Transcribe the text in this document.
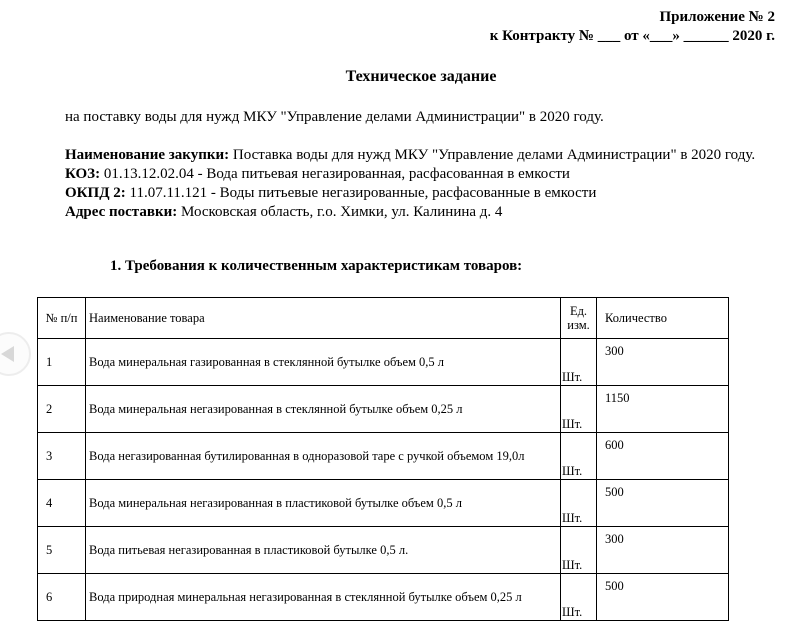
Приложение № 2
к Контракту № ___ от «___» ______ 2020 г.
Техническое задание
на поставку воды для нужд МКУ "Управление делами Администрации" в 2020 году.
Наименование закупки: Поставка воды для нужд МКУ "Управление делами Администрации" в 2020 году.
КОЗ: 01.13.12.02.04 - Вода питьевая негазированная, расфасованная в емкости
ОКПД 2: 11.07.11.121 - Воды питьевые негазированные, расфасованные в емкости
Адрес поставки: Московская область, г.о. Химки, ул. Калинина д. 4
1. Требования к количественным характеристикам товаров:
№ п/п	Наименование товара	Ед. изм.	Количество
1	Вода минеральная газированная в стеклянной бутылке объем 0,5 л	Шт.	300
2	Вода минеральная негазированная в стеклянной бутылке объем 0,25 л	Шт.	1150
3	Вода негазированная бутилированная в одноразовой таре с ручкой объемом 19,0л	Шт.	600
4	Вода минеральная негазированная в пластиковой бутылке объем 0,5 л	Шт.	500
5	Вода питьевая негазированная в пластиковой бутылке 0,5 л.	Шт.	300
6	Вода природная минеральная негазированная в стеклянной бутылке объем 0,25 л	Шт.	500
